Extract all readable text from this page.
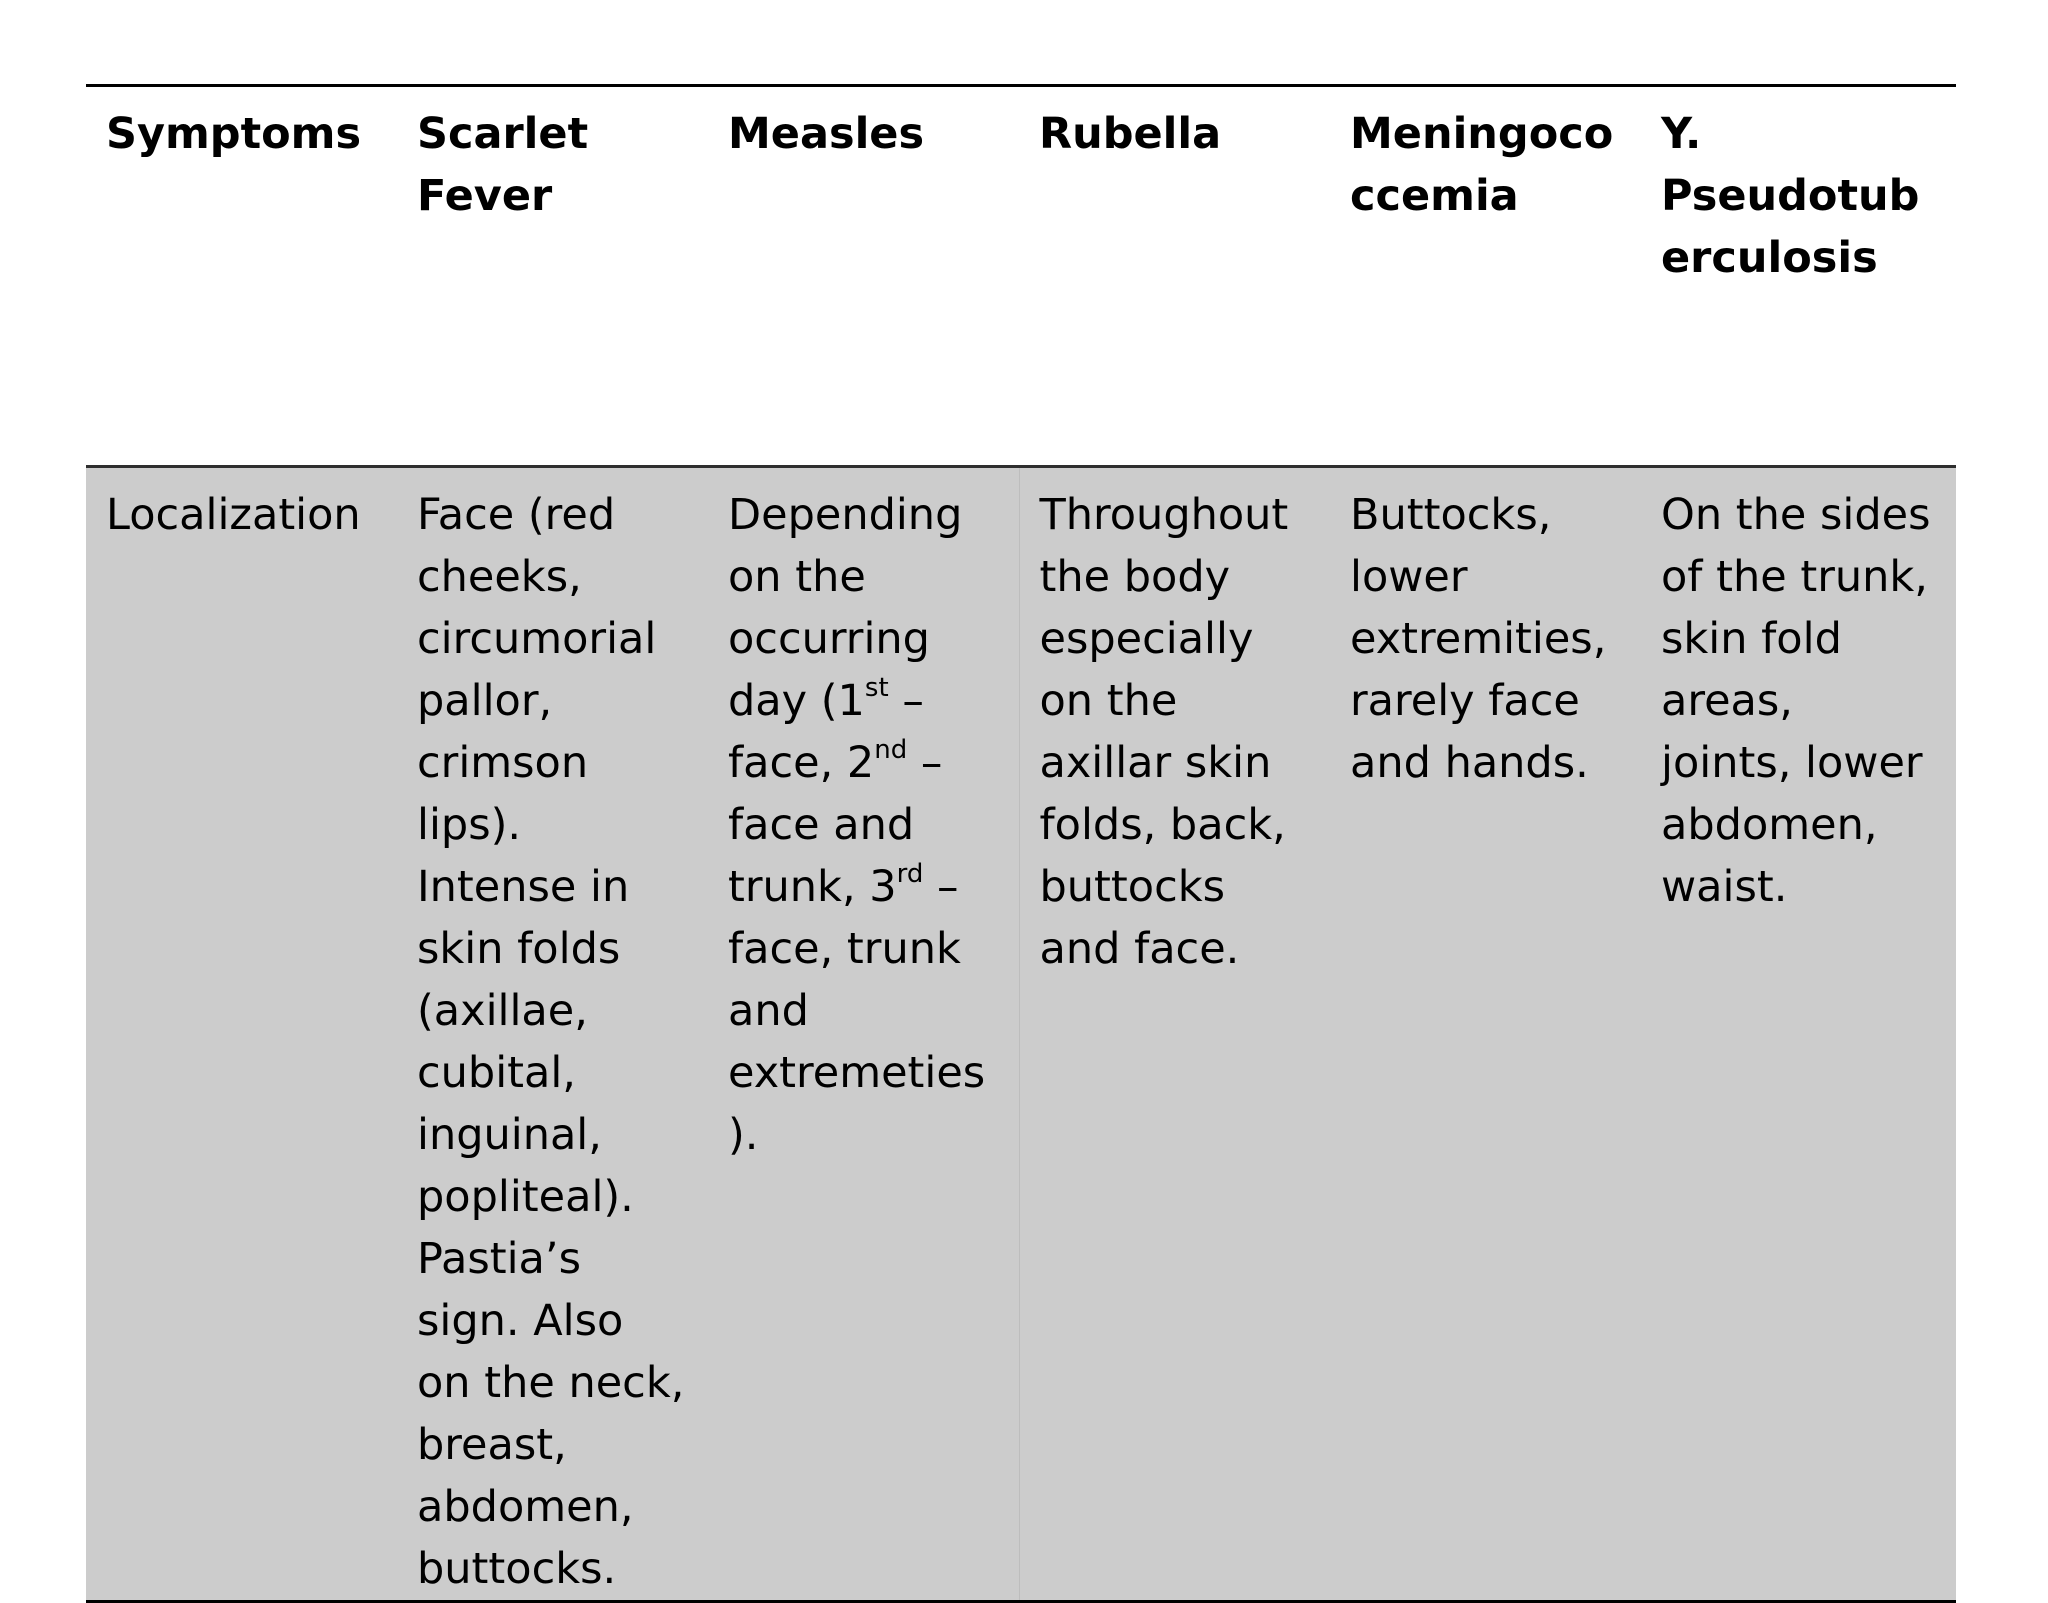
Symptoms	Scarlet Fever	Measles	Rubella	Meningococcemia	Y. Pseudotuberculosis
Localization	Face (red cheeks, circumorial pallor, crimson lips). Intense in skin folds (axillae, cubital, inguinal, popliteal). Pastia’s sign. Also on the neck, breast, abdomen, buttocks.	Depending on the occurring day (1st – face, 2nd – face and trunk, 3rd – face, trunk and extremeties).	Throughout the body especially on the axillar skin folds, back, buttocks and face.	Buttocks, lower extremities, rarely face and hands.	On the sides of the trunk, skin fold areas, joints, lower abdomen, waist.
